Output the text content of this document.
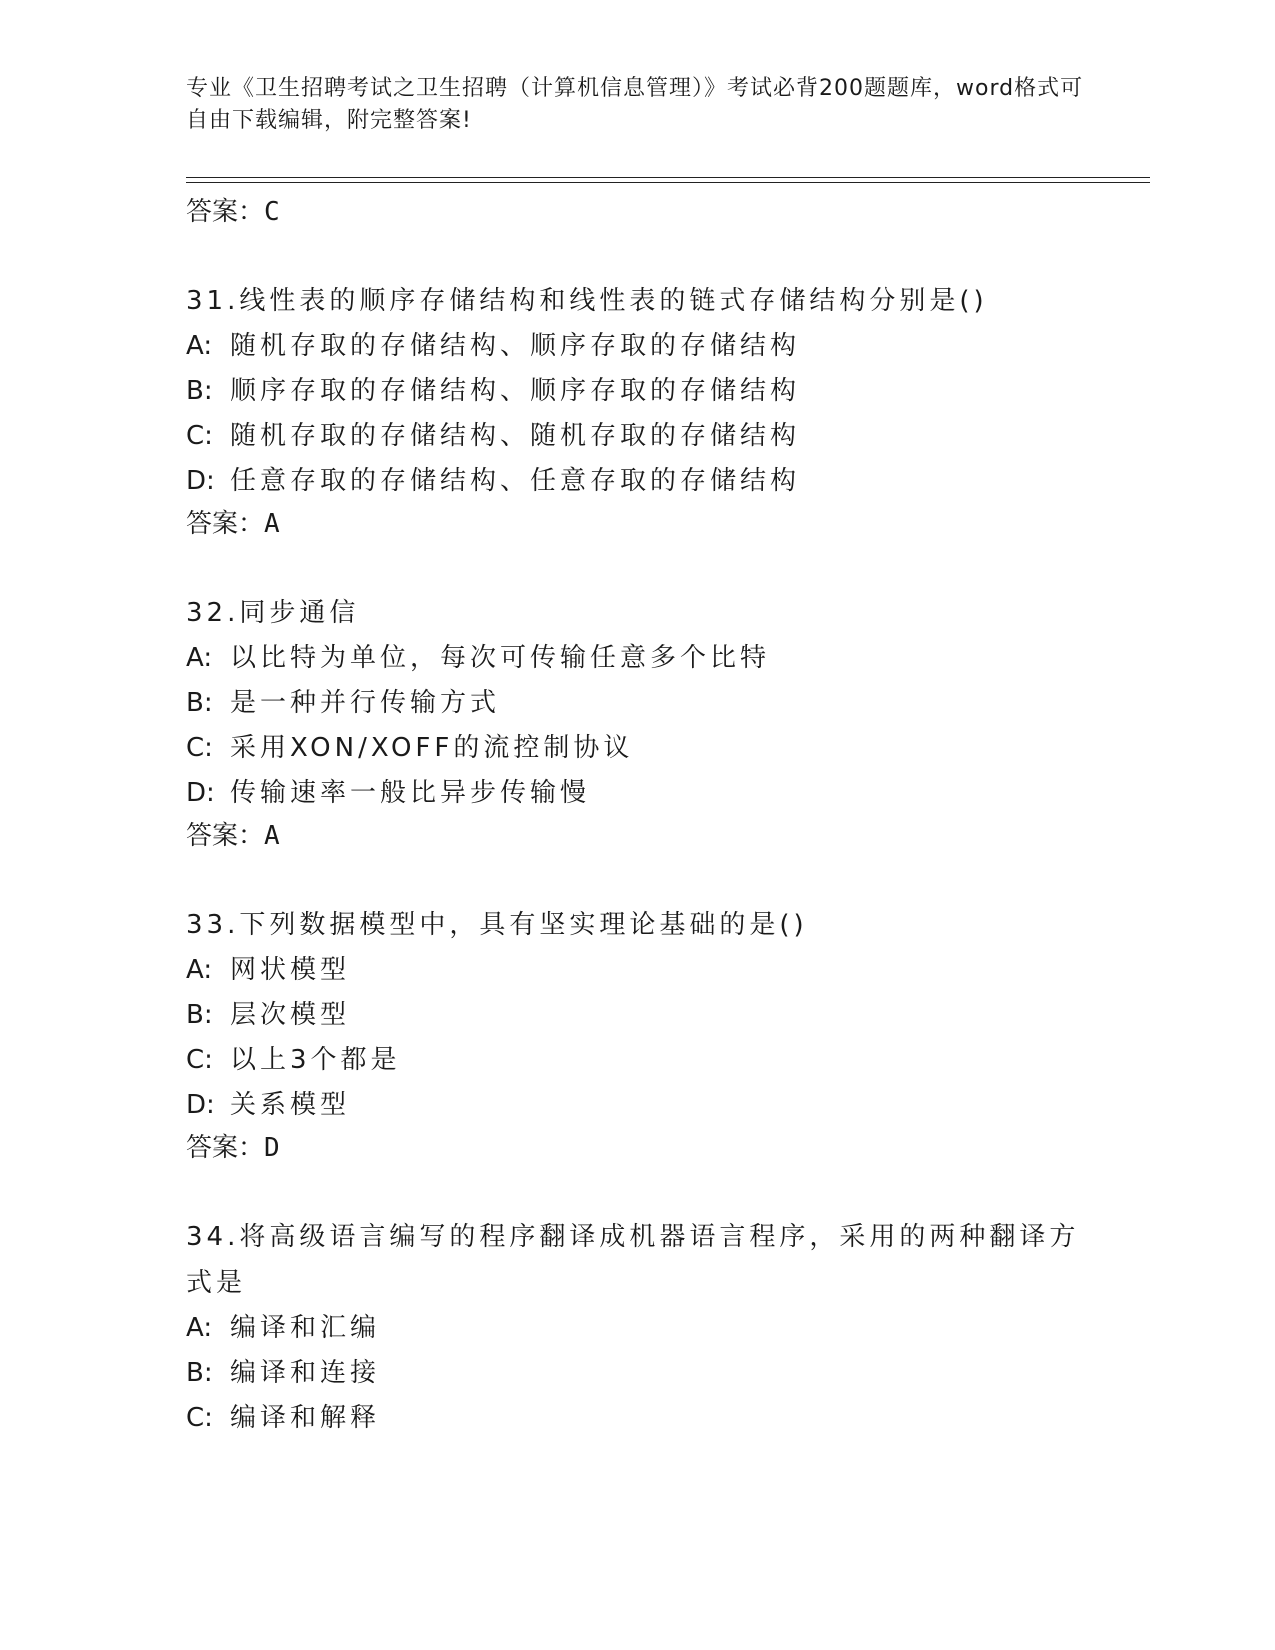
专业《卫生招聘考试之卫生招聘（计算机信息管理）》考试必背200题题库，word格式可自由下载编辑，附完整答案!
答案：C
31.线性表的顺序存储结构和线性表的链式存储结构分别是()
A: 随机存取的存储结构、顺序存取的存储结构
B: 顺序存取的存储结构、顺序存取的存储结构
C: 随机存取的存储结构、随机存取的存储结构
D: 任意存取的存储结构、任意存取的存储结构
答案：A
32.同步通信
A: 以比特为单位，每次可传输任意多个比特
B: 是一种并行传输方式
C: 采用XON/XOFF的流控制协议
D: 传输速率一般比异步传输慢
答案：A
33.下列数据模型中，具有坚实理论基础的是()
A: 网状模型
B: 层次模型
C: 以上3个都是
D: 关系模型
答案：D
34.将高级语言编写的程序翻译成机器语言程序，采用的两种翻译方式是
A: 编译和汇编
B: 编译和连接
C: 编译和解释
